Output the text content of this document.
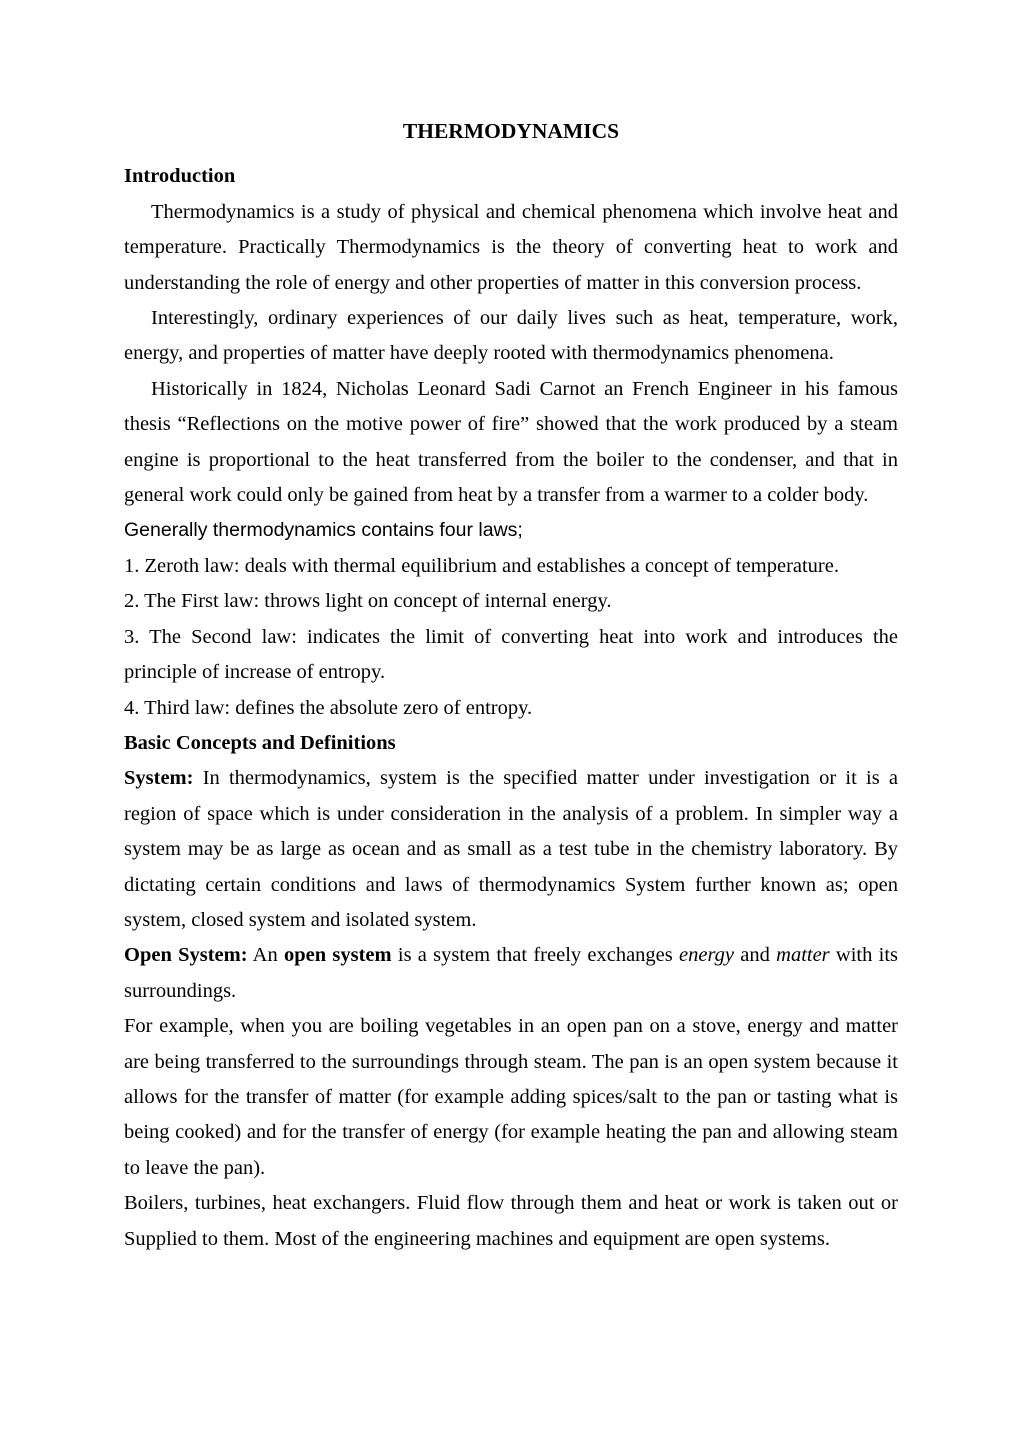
THERMODYNAMICS

Introduction

Thermodynamics is a study of physical and chemical phenomena which involve heat and temperature. Practically Thermodynamics is the theory of converting heat to work and understanding the role of energy and other properties of matter in this conversion process.

Interestingly, ordinary experiences of our daily lives such as heat, temperature, work, energy, and properties of matter have deeply rooted with thermodynamics phenomena.

Historically in 1824, Nicholas Leonard Sadi Carnot an French Engineer in his famous thesis “Reflections on the motive power of fire” showed that the work produced by a steam engine is proportional to the heat transferred from the boiler to the condenser, and that in general work could only be gained from heat by a transfer from a warmer to a colder body.

Generally thermodynamics contains four laws;

1. Zeroth law: deals with thermal equilibrium and establishes a concept of temperature.

2. The First law: throws light on concept of internal energy.

3. The Second law: indicates the limit of converting heat into work and introduces the principle of increase of entropy.

4. Third law: defines the absolute zero of entropy.

Basic Concepts and Definitions

System: In thermodynamics, system is the specified matter under investigation or it is a region of space which is under consideration in the analysis of a problem. In simpler way a system may be as large as ocean and as small as a test tube in the chemistry laboratory. By dictating certain conditions and laws of thermodynamics System further known as; open system, closed system and isolated system.

Open System: An open system is a system that freely exchanges energy and matter with its surroundings.

For example, when you are boiling vegetables in an open pan on a stove, energy and matter are being transferred to the surroundings through steam. The pan is an open system because it allows for the transfer of matter (for example adding spices/salt to the pan or tasting what is being cooked) and for the transfer of energy (for example heating the pan and allowing steam to leave the pan).

Boilers, turbines, heat exchangers. Fluid flow through them and heat or work is taken out or Supplied to them. Most of the engineering machines and equipment are open systems.
